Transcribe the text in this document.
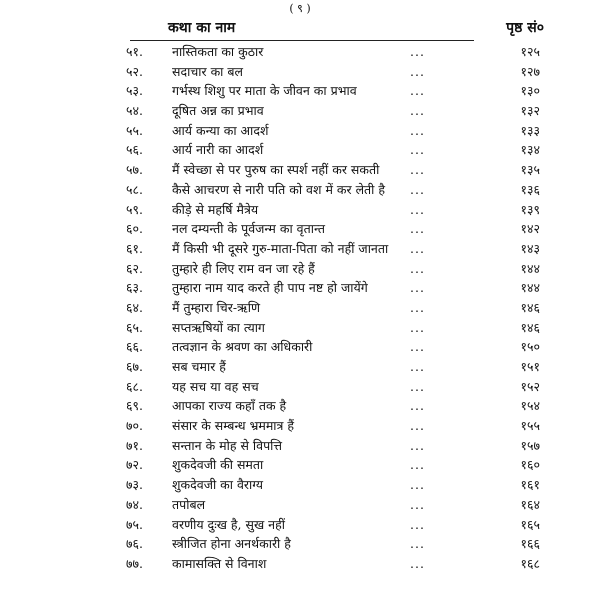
( ९ )
कथा का नाम	पृष्ठ सं०
५१.	नास्तिकता का कुठार	...	१२५
५२.	सदाचार का बल	...	१२७
५३.	गर्भस्थ शिशु पर माता के जीवन का प्रभाव	...	१३०
५४.	दूषित अन्न का प्रभाव	...	१३२
५५.	आर्य कन्या का आदर्श	...	१३३
५६.	आर्य नारी का आदर्श	...	१३४
५७.	मैं स्वेच्छा से पर पुरुष का स्पर्श नहीं कर सकती	...	१३५
५८.	कैसे आचरण से नारी पति को वश में कर लेती है	...	१३६
५९.	कीड़े से महर्षि मैत्रेय	...	१३९
६०.	नल दम्यन्ती के पूर्वजन्म का वृतान्त	...	१४२
६१.	मैं किसी भी दूसरे गुरु-माता-पिता को नहीं जानता	...	१४३
६२.	तुम्हारे ही लिए राम वन जा रहे हैं	...	१४४
६३.	तुम्हारा नाम याद करते ही पाप नष्ट हो जायेंगे	...	१४४
६४.	मैं तुम्हारा चिर-ऋणि	...	१४६
६५.	सप्तऋषियों का त्याग	...	१४६
६६.	तत्वज्ञान के श्रवण का अधिकारी	...	१५०
६७.	सब चमार हैं	...	१५१
६८.	यह सच या वह सच	...	१५२
६९.	आपका राज्य कहाँ तक है	...	१५४
७०.	संसार के सम्बन्ध भ्रममात्र हैं	...	१५५
७१.	सन्तान के मोह से विपत्ति	...	१५७
७२.	शुकदेवजी की समता	...	१६०
७३.	शुकदेवजी का वैराग्य	...	१६१
७४.	तपोबल	...	१६४
७५.	वरणीय दुःख है, सुख नहीं	...	१६५
७६.	स्त्रीजित होना अनर्थकारी है	...	१६६
७७.	कामासक्ति से विनाश	...	१६८
